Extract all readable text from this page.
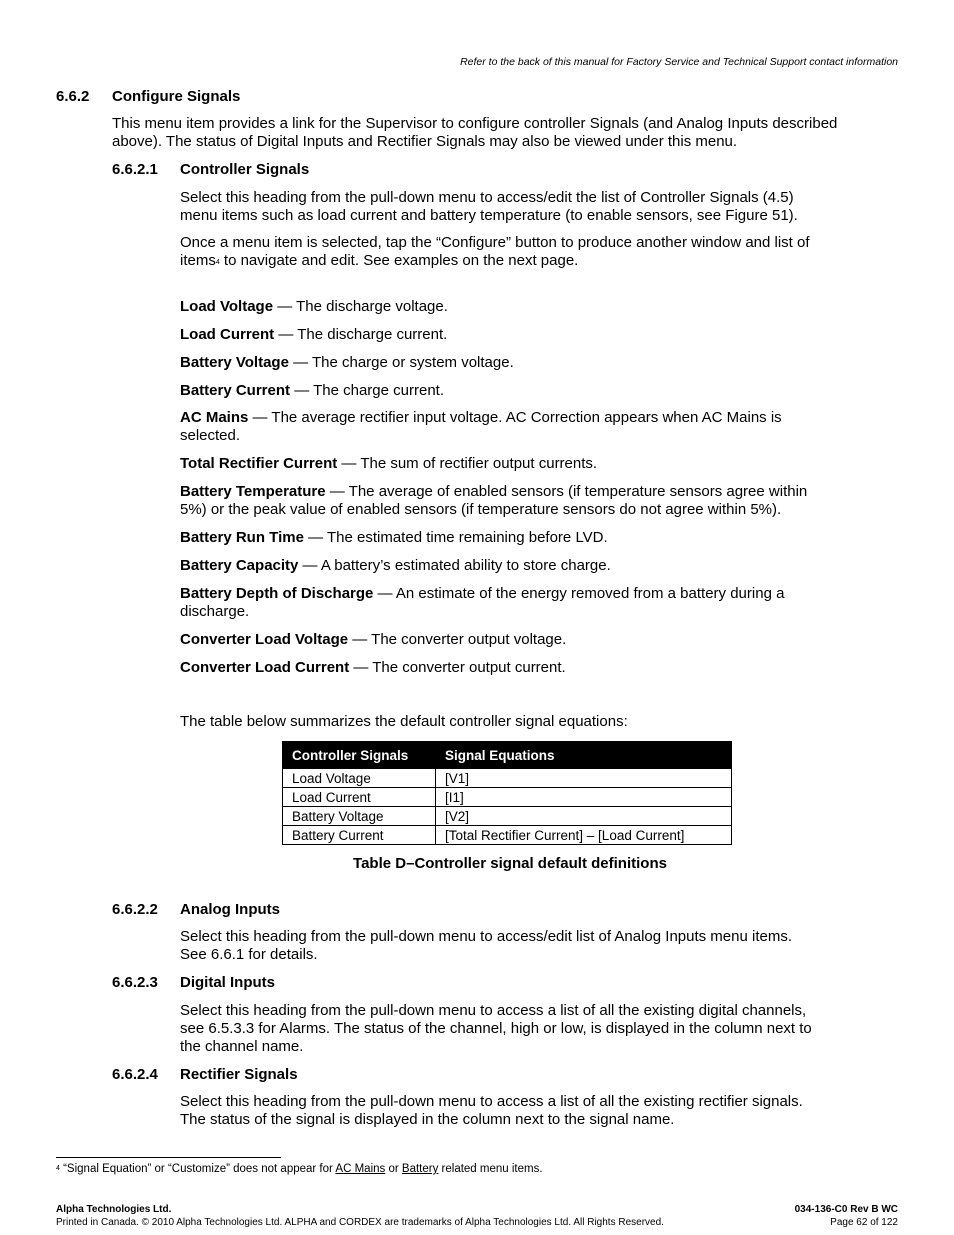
Refer to the back of this manual for Factory Service and Technical Support contact information
6.6.2 Configure Signals

This menu item provides a link for the Supervisor to configure controller Signals (and Analog Inputs described

above). The status of Digital Inputs and Rectifier Signals may also be viewed under this menu.

6.6.2.1 Controller Signals

Select this heading from the pull-down menu to access/edit the list of Controller Signals (4.5)

menu items such as load current and battery temperature (to enable sensors, see Figure 51).

Once a menu item is selected, tap the “Configure” button to produce another window and list of

items$^4$ to navigate and edit. See examples on the next page.

Load Voltage — The discharge voltage.
Load Current — The discharge current.
Battery Voltage — The charge or system voltage.
Battery Current — The charge current.
AC Mains — The average rectifier input voltage. AC Correction appears when AC Mains is
selected.
Total Rectifier Current — The sum of rectifier output currents.
Battery Temperature — The average of enabled sensors (if temperature sensors agree within
5%) or the peak value of enabled sensors (if temperature sensors do not agree within 5%).
Battery Run Time — The estimated time remaining before LVD.
Battery Capacity — A battery’s estimated ability to store charge.
Battery Depth of Discharge — An estimate of the energy removed from a battery during a
discharge.
Converter Load Voltage — The converter output voltage.
Converter Load Current — The converter output current.
The table below summarizes the default controller signal equations:
Controller Signals	Signal Equations
Load Voltage	[V1]
Load Current	[I1]
Battery Voltage	[V2]
Battery Current	[Total Rectifier Current] – [Load Current]
Table D–Controller signal default definitions
6.6.2.2 Analog Inputs

Select this heading from the pull-down menu to access/edit list of Analog Inputs menu items.

See 6.6.1 for details.

6.6.2.3 Digital Inputs

Select this heading from the pull-down menu to access a list of all the existing digital channels,

see 6.5.3.3 for Alarms. The status of the channel, high or low, is displayed in the column next to

the channel name.

6.6.2.4 Rectifier Signals

Select this heading from the pull-down menu to access a list of all the existing rectifier signals.

The status of the signal is displayed in the column next to the signal name.

$^4$ “Signal Equation” or “Customize” does not appear for AC Mains or Battery related menu items.
Alpha Technologies Ltd.
Printed in Canada. © 2010 Alpha Technologies Ltd. ALPHA and CORDEX are trademarks of Alpha Technologies Ltd. All Rights Reserved.
034-136-C0 Rev B WC
Page 62 of 122
